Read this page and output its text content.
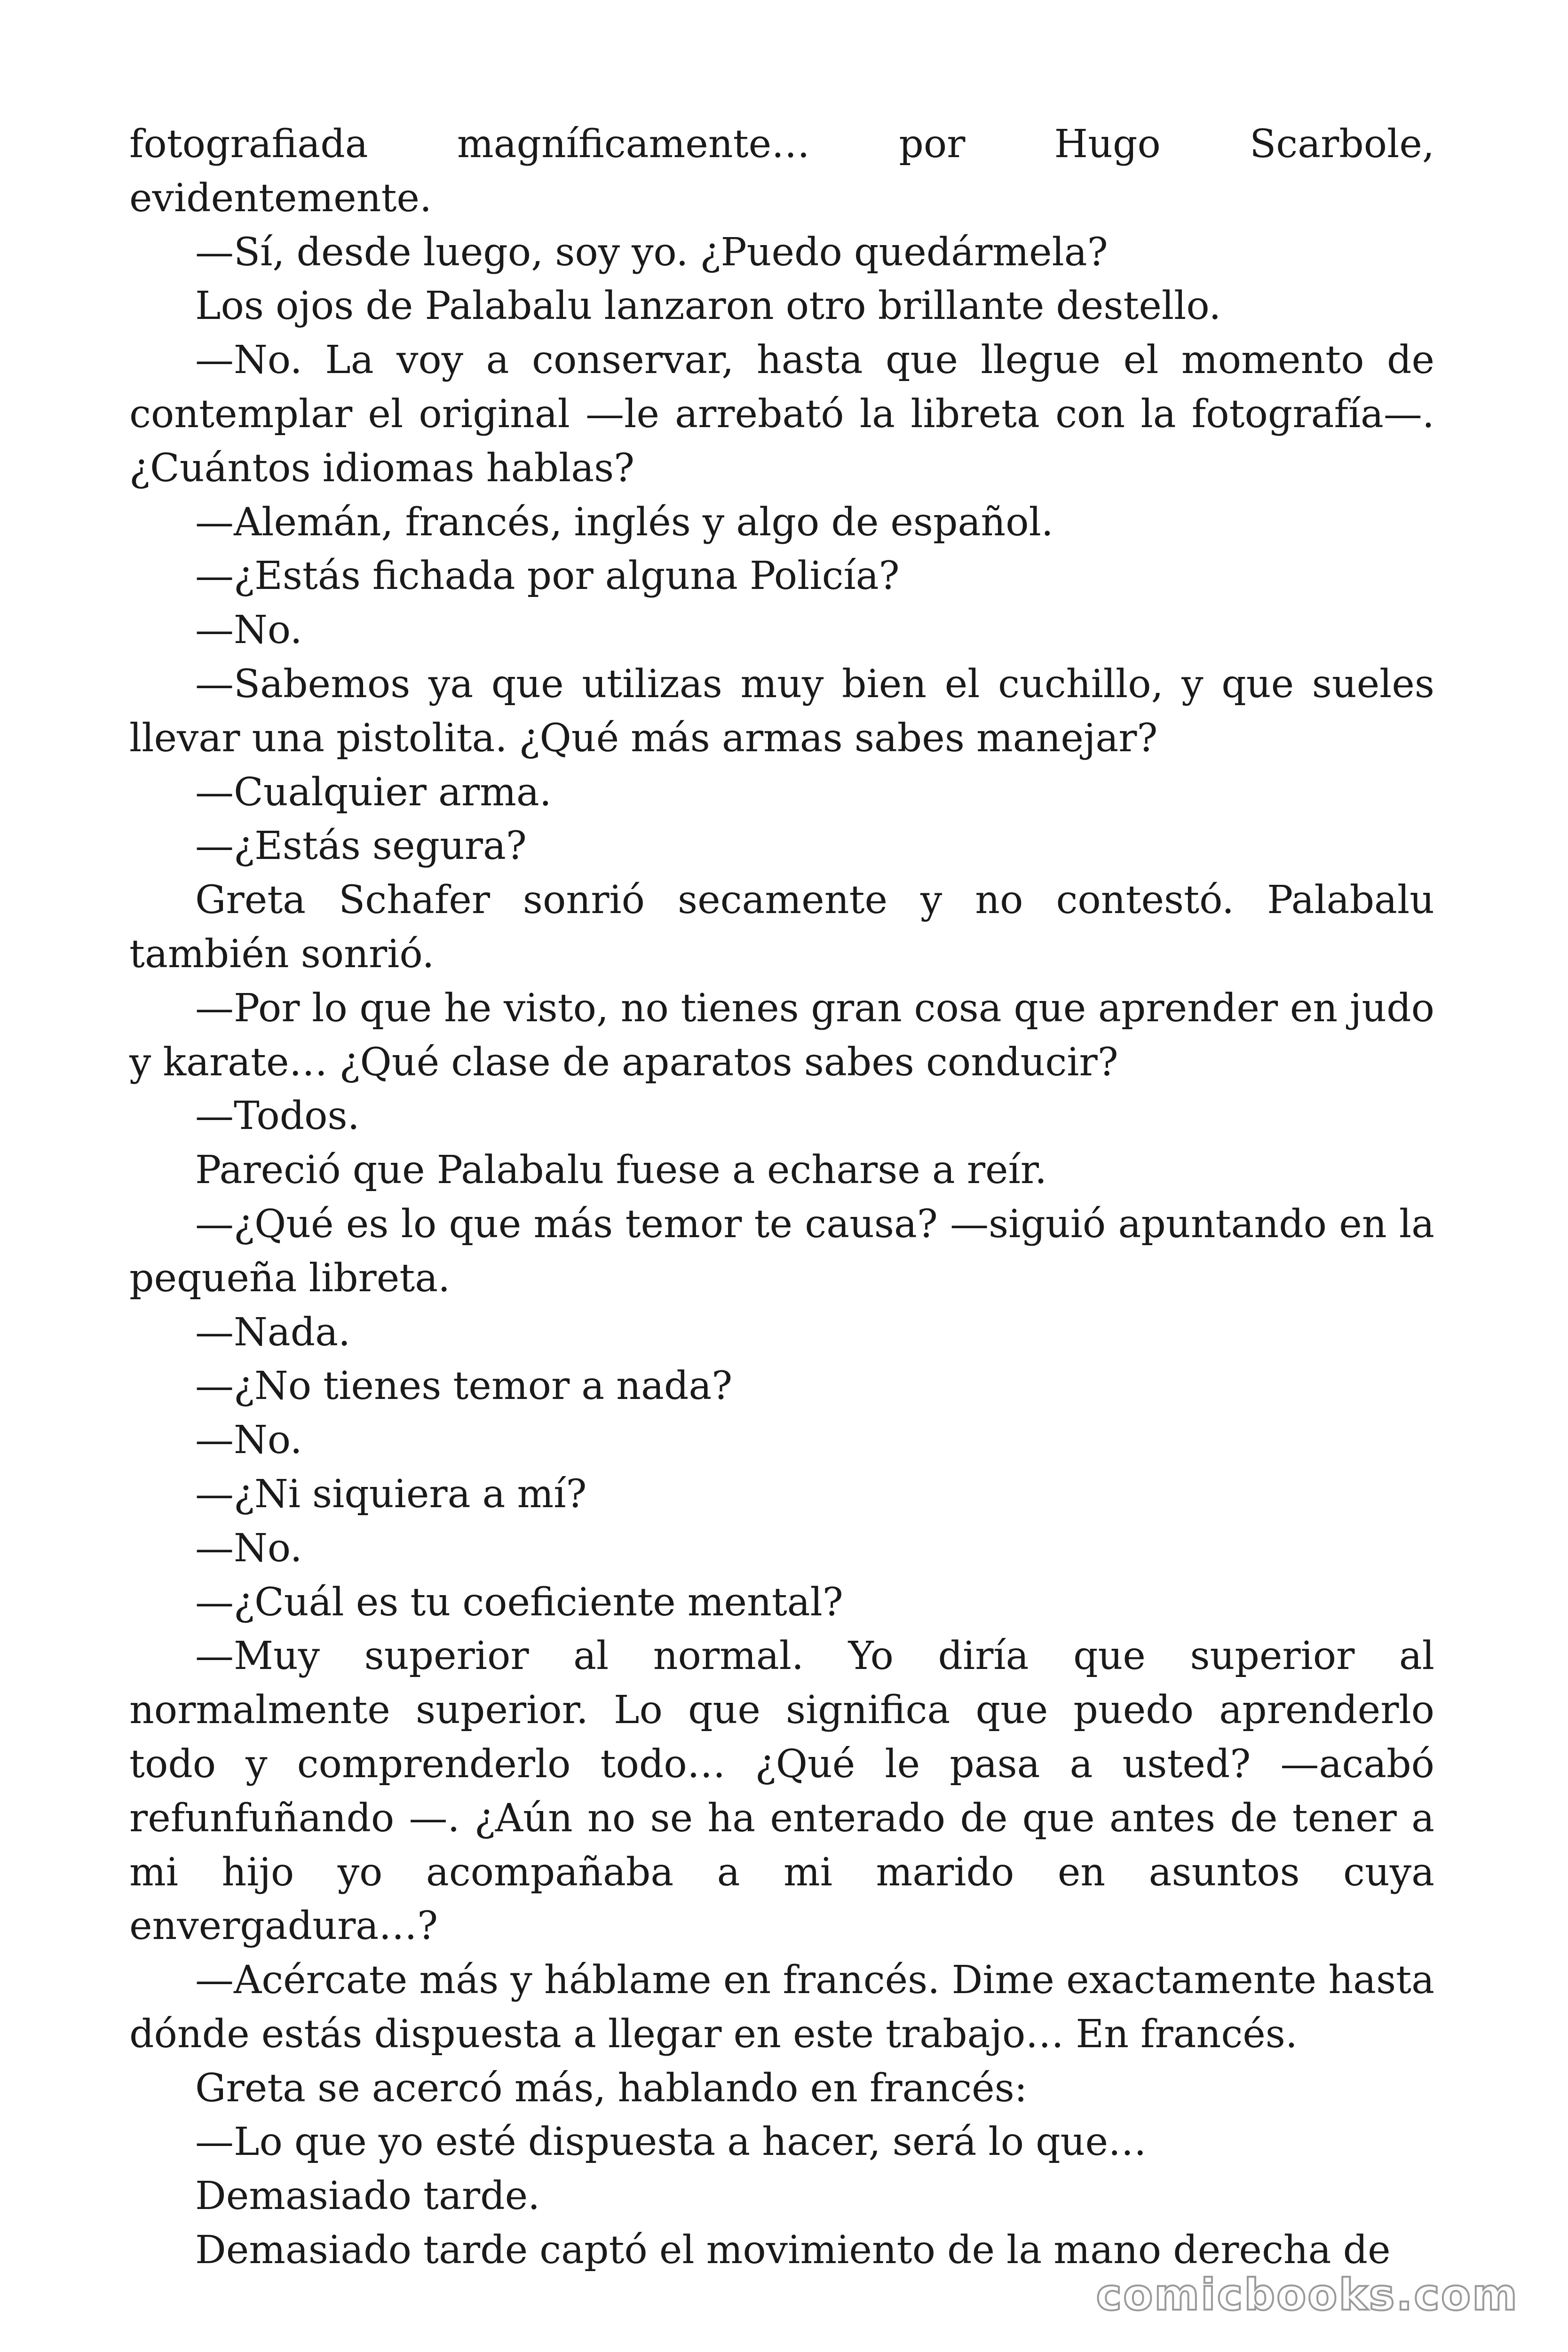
fotografiada magníficamente… por Hugo Scarbole, evidentemente.

—Sí, desde luego, soy yo. ¿Puedo quedármela?

Los ojos de Palabalu lanzaron otro brillante destello.

—No. La voy a conservar, hasta que llegue el momento de contemplar el original —le arrebató la libreta con la fotografía—. ¿Cuántos idiomas hablas?

—Alemán, francés, inglés y algo de español.

—¿Estás fichada por alguna Policía?

—No.

—Sabemos ya que utilizas muy bien el cuchillo, y que sueles llevar una pistolita. ¿Qué más armas sabes manejar?

—Cualquier arma.

—¿Estás segura?

Greta Schafer sonrió secamente y no contestó. Palabalu también sonrió.

—Por lo que he visto, no tienes gran cosa que aprender en judo y karate… ¿Qué clase de aparatos sabes conducir?

—Todos.

Pareció que Palabalu fuese a echarse a reír.

—¿Qué es lo que más temor te causa? —siguió apuntando en la pequeña libreta.

—Nada.

—¿No tienes temor a nada?

—No.

—¿Ni siquiera a mí?

—No.

—¿Cuál es tu coeficiente mental?

—Muy superior al normal. Yo diría que superior al normalmente superior. Lo que significa que puedo aprenderlo todo y comprenderlo todo… ¿Qué le pasa a usted? —acabó refunfuñando —. ¿Aún no se ha enterado de que antes de tener a mi hijo yo acompañaba a mi marido en asuntos cuya envergadura…?

—Acércate más y háblame en francés. Dime exactamente hasta dónde estás dispuesta a llegar en este trabajo… En francés.

Greta se acercó más, hablando en francés:

—Lo que yo esté dispuesta a hacer, será lo que…

Demasiado tarde.

Demasiado tarde captó el movimiento de la mano derecha de

comicbooks.com
